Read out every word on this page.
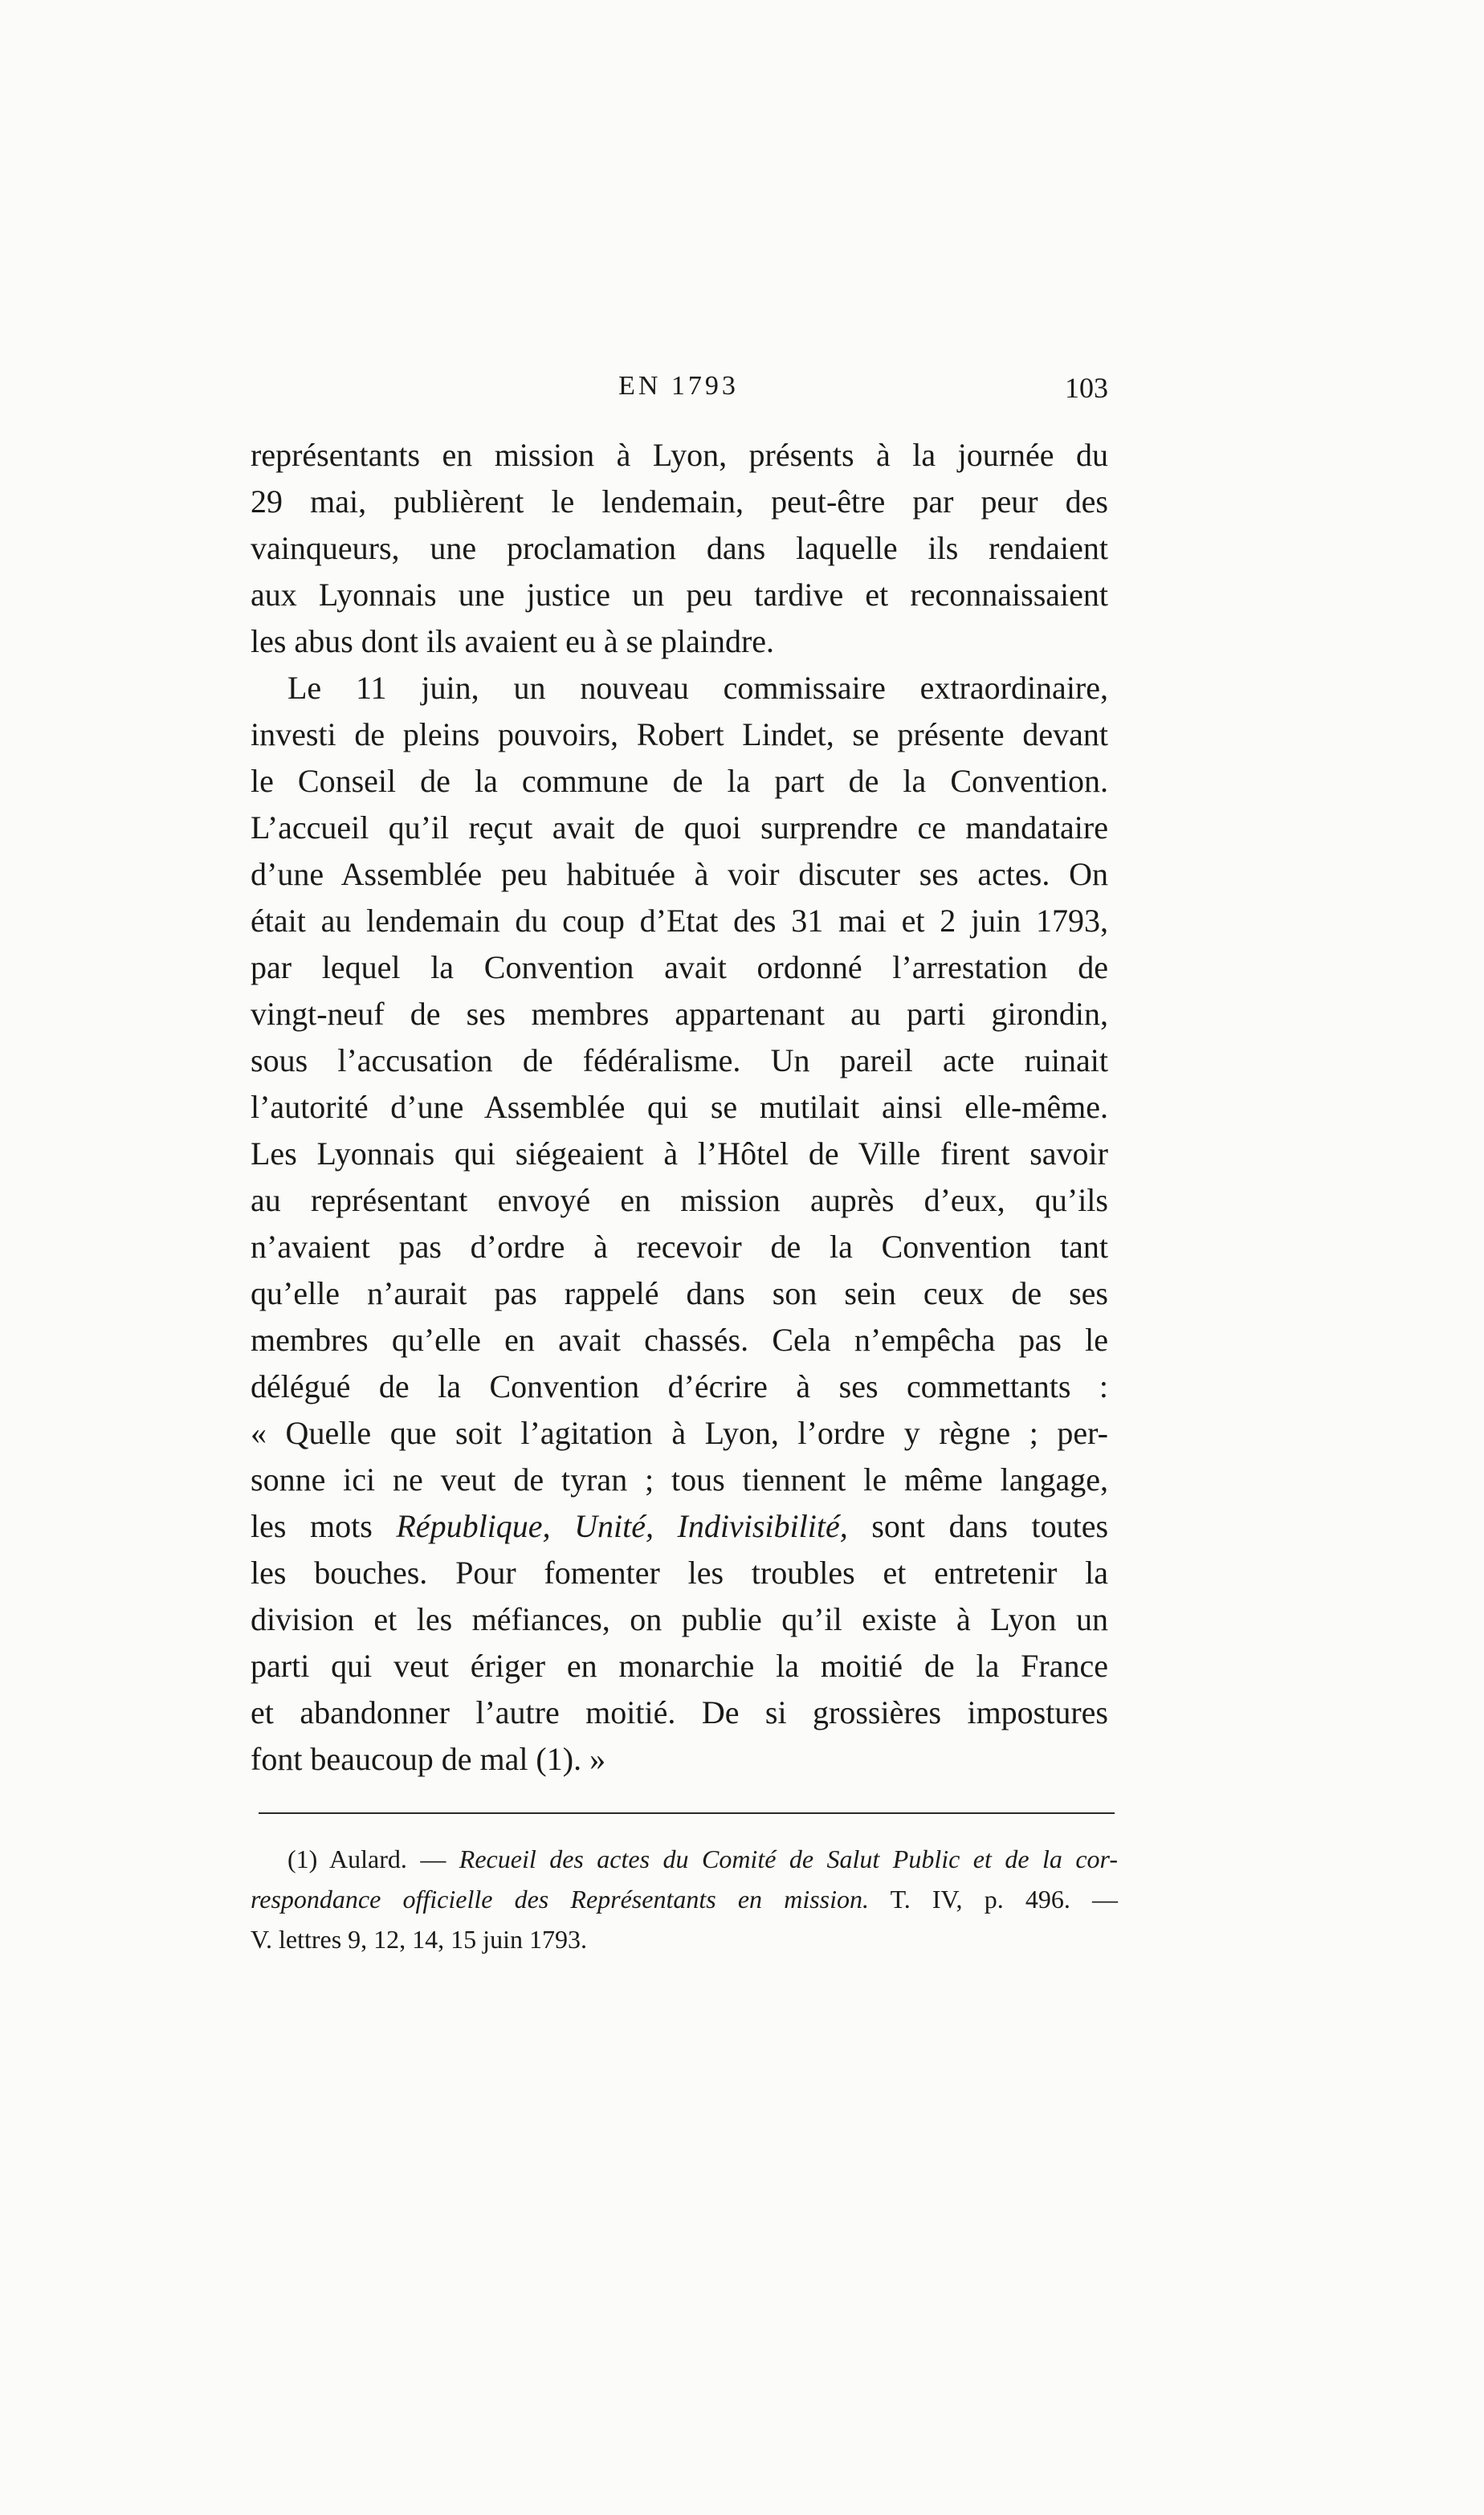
EN 1793	103
représentants en mission à Lyon, présents à la journée du
29 mai, publièrent le lendemain, peut-être par peur des
vainqueurs, une proclamation dans laquelle ils rendaient
aux Lyonnais une justice un peu tardive et reconnaissaient
les abus dont ils avaient eu à se plaindre.
Le 11 juin, un nouveau commissaire extraordinaire,
investi de pleins pouvoirs, Robert Lindet, se présente devant
le Conseil de la commune de la part de la Convention.
L’accueil qu’il reçut avait de quoi surprendre ce mandataire
d’une Assemblée peu habituée à voir discuter ses actes. On
était au lendemain du coup d’Etat des 31 mai et 2 juin 1793,
par lequel la Convention avait ordonné l’arrestation de
vingt-neuf de ses membres appartenant au parti girondin,
sous l’accusation de fédéralisme. Un pareil acte ruinait
l’autorité d’une Assemblée qui se mutilait ainsi elle-même.
Les Lyonnais qui siégeaient à l’Hôtel de Ville firent savoir
au représentant envoyé en mission auprès d’eux, qu’ils
n’avaient pas d’ordre à recevoir de la Convention tant
qu’elle n’aurait pas rappelé dans son sein ceux de ses
membres qu’elle en avait chassés. Cela n’empêcha pas le
délégué de la Convention d’écrire à ses commettants :
« Quelle que soit l’agitation à Lyon, l’ordre y règne ; per-
sonne ici ne veut de tyran ; tous tiennent le même langage,
les mots République, Unité, Indivisibilité, sont dans toutes
les bouches. Pour fomenter les troubles et entretenir la
division et les méfiances, on publie qu’il existe à Lyon un
parti qui veut ériger en monarchie la moitié de la France
et abandonner l’autre moitié. De si grossières impostures
font beaucoup de mal (1). »
(1) Aulard. — Recueil des actes du Comité de Salut Public et de la cor-
respondance officielle des Représentants en mission. T. IV, p. 496. —
V. lettres 9, 12, 14, 15 juin 1793.
